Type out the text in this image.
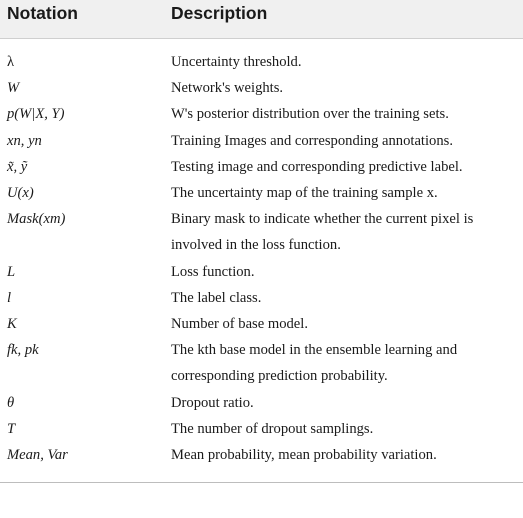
Notation	Description
λ	Uncertainty threshold.
W	Network's weights.
p(W|X, Y)	W's posterior distribution over the training sets.
xn, yn	Training Images and corresponding annotations.
x̃, ỹ	Testing image and corresponding predictive label.
U(x)	The uncertainty map of the training sample x.
Mask(xm)	Binary mask to indicate whether the current pixel is involved in the loss function.
L	Loss function.
l	The label class.
K	Number of base model.
fk, pk	The kth base model in the ensemble learning and corresponding prediction probability.
θ	Dropout ratio.
T	The number of dropout samplings.
Mean, Var	Mean probability, mean probability variation.
